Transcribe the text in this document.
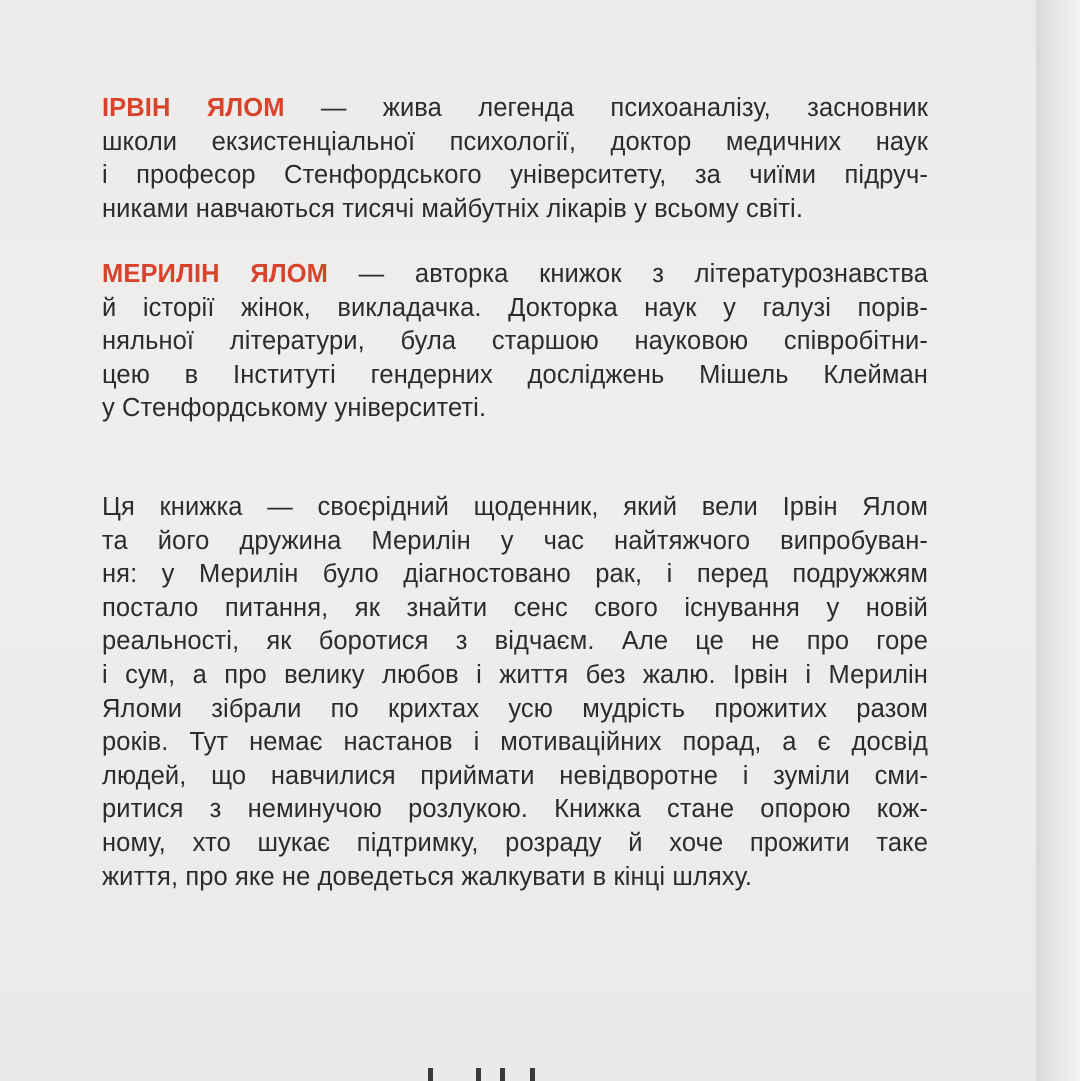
ІРВІН ЯЛОМ — жива легенда психоаналізу, засновник
школи екзистенціальної психології, доктор медичних наук
і професор Стенфордського університету, за чиїми підруч-
никами навчаються тисячі майбутніх лікарів у всьому світі.
МЕРИЛІН ЯЛОМ — авторка книжок з літературознавства
й історії жінок, викладачка. Докторка наук у галузі порів-
няльної літератури, була старшою науковою співробітни-
цею в Інституті гендерних досліджень Мішель Клейман
у Стенфордському університеті.
Ця книжка — своєрідний щоденник, який вели Ірвін Ялом
та його дружина Мерилін у час найтяжчого випробуван-
ня: у Мерилін було діагностовано рак, і перед подружжям
постало питання, як знайти сенс свого існування у новій
реальності, як боротися з відчаєм. Але це не про горе
і сум, а про велику любов і життя без жалю. Ірвін і Мерилін
Яломи зібрали по крихтах усю мудрість прожитих разом
років. Тут немає настанов і мотиваційних порад, а є досвід
людей, що навчилися приймати невідворотне і зуміли сми-
ритися з неминучою розлукою. Книжка стане опорою кож-
ному, хто шукає підтримку, розраду й хоче прожити таке
життя, про яке не доведеться жалкувати в кінці шляху.
